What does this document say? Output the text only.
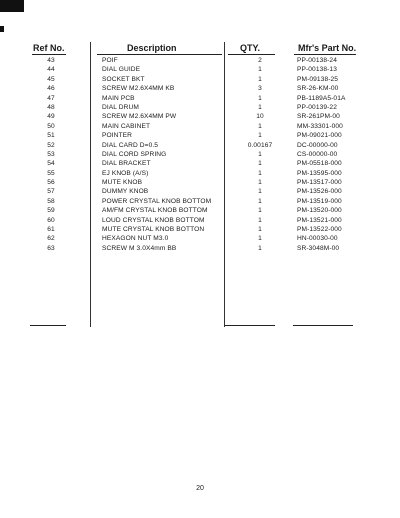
Ref No.	Description	QTY.	Mfr's Part No.
43	POIF	2	PP-00138-24
44	DIAL GUIDE	1	PP-00138-13
45	SOCKET BKT	1	PM-09138-25
46	SCREW M2.6X4MM KB	3	SR-26-KM-00
47	MAIN PCB	1	PB-1189A5-01A
48	DIAL DRUM	1	PP-00139-22
49	SCREW M2.6X4MM PW	10	SR-261PM-00
50	MAIN CABINET	1	MM-33301-000
51	POINTER	1	PM-09021-000
52	DIAL CARD D=0.5	0.00167	DC-00000-00
53	DIAL CORD SPRING	1	CS-00000-00
54	DIAL BRACKET	1	PM-05518-000
55	EJ KNOB (A/S)	1	PM-13595-000
56	MUTE KNOB	1	PM-13517-000
57	DUMMY KNOB	1	PM-13526-000
58	POWER CRYSTAL KNOB BOTTOM	1	PM-13519-000
59	AM/FM CRYSTAL KNOB BOTTOM	1	PM-13520-000
60	LOUD CRYSTAL KNOB BOTTOM	1	PM-13521-000
61	MUTE CRYSTAL KNOB BOTTON	1	PM-13522-000
62	HEXAGON NUT M3.0	1	HN-00030-00
63	SCREW M 3.0X4mm BB	1	SR-3048M-00
20
